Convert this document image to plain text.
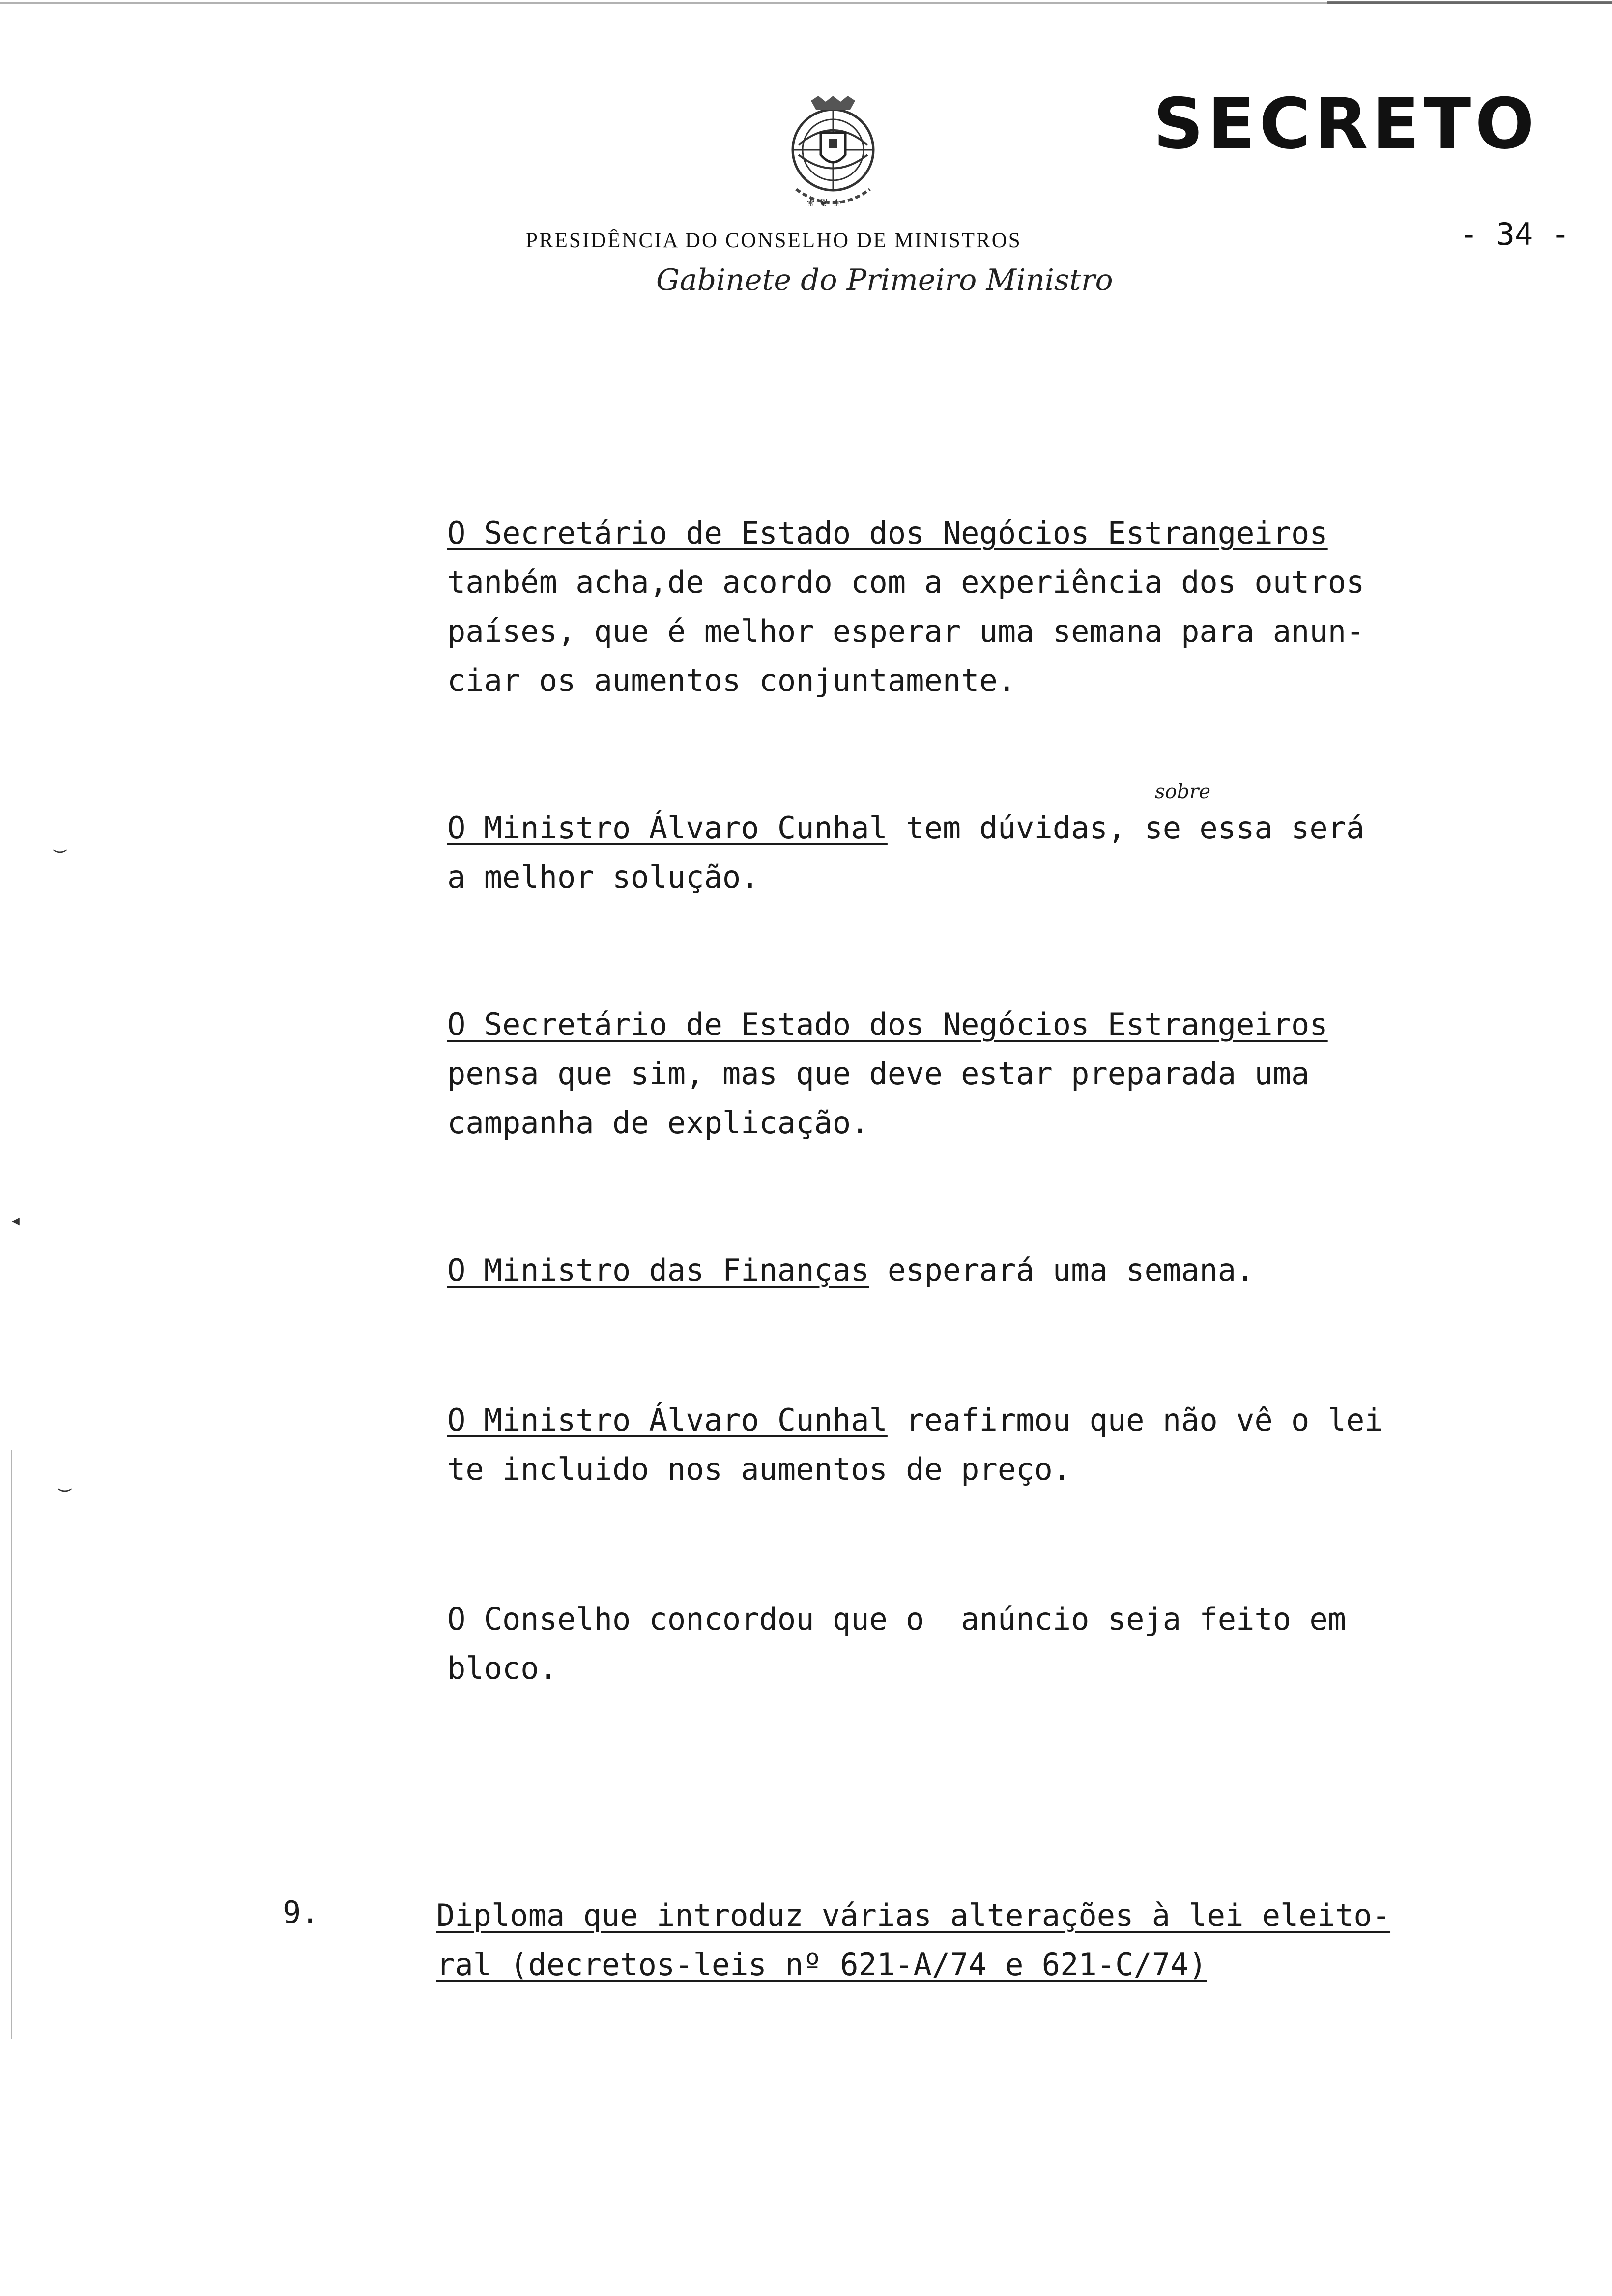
⚜ ❦ ⚜
SECRETO
PRESIDÊNCIA DO CONSELHO DE MINISTROS
Gabinete do Primeiro Ministro
- 34 -
O Secretário de Estado dos Negócios Estrangeiros
tanbém acha,de acordo com a experiência dos outros
países, que é melhor esperar uma semana para anun-
ciar os aumentos conjuntamente.
sobre
O Ministro Álvaro Cunhal tem dúvidas, se essa será
a melhor solução.
O Secretário de Estado dos Negócios Estrangeiros
pensa que sim, mas que deve estar preparada uma
campanha de explicação.
O Ministro das Finanças esperará uma semana.
O Ministro Álvaro Cunhal reafirmou que não vê o lei
te incluido nos aumentos de preço.
O Conselho concordou que o  anúncio seja feito em
bloco.
9.	Diploma que introduz várias alterações à lei eleito-
ral (decretos-leis nº 621-A/74 e 621-C/74)
◂
‿
‿
